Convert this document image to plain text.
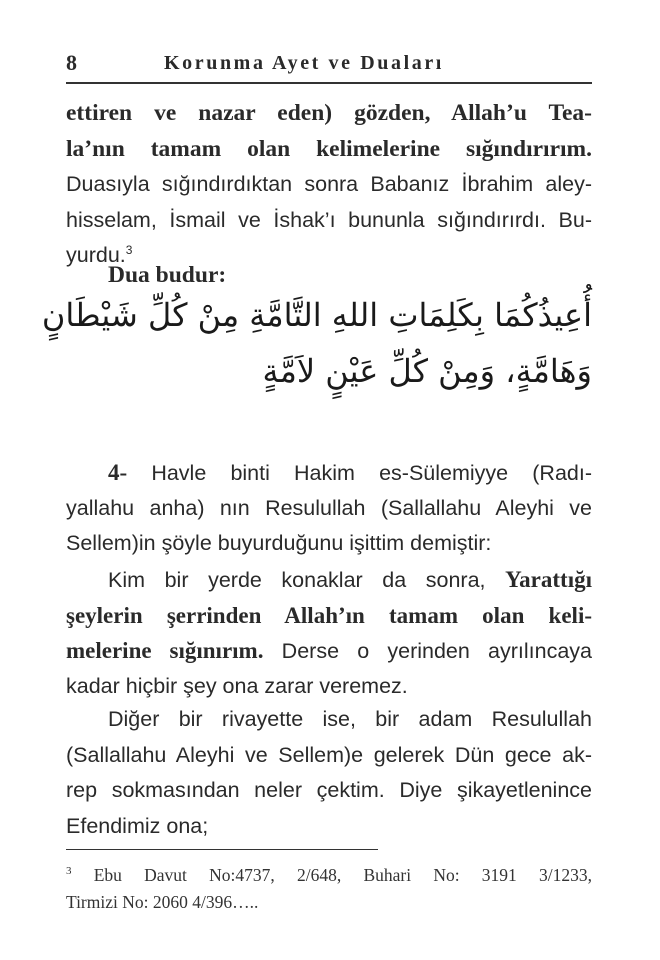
8	Korunma Ayet ve Duaları
ettiren ve nazar eden) gözden, Allah’u Tea-
la’nın tamam olan kelimelerine sığındırırım.
Duasıyla sığındırdıktan sonra Babanız İbrahim aley-
hisselam, İsmail ve İshak’ı bununla sığındırırdı. Bu-
yurdu.$^3$
Dua budur:
أُعِيذُكُمَا بِكَلِمَاتِ اللهِ التَّامَّةِ مِنْ كُلِّ شَيْطَانٍ
وَهَامَّةٍ، وَمِنْ كُلِّ عَيْنٍ لاَمَّةٍ
4- Havle binti Hakim es-Sülemiyye (Radı-
yallahu anha) nın Resulullah (Sallallahu Aleyhi ve
Sellem)in şöyle buyurduğunu işittim demiştir:
Kim bir yerde konaklar da sonra, Yarattığı
şeylerin şerrinden Allah’ın tamam olan keli-
melerine sığınırım. Derse o yerinden ayrılıncaya
kadar hiçbir şey ona zarar veremez.
Diğer bir rivayette ise, bir adam Resulullah
(Sallallahu Aleyhi ve Sellem)e gelerek Dün gece ak-
rep sokmasından neler çektim. Diye şikayetlenince
Efendimiz ona;
$^3$ Ebu Davut No:4737, 2/648, Buhari No: 3191 3/1233,
Tirmizi No: 2060 4/396…..
